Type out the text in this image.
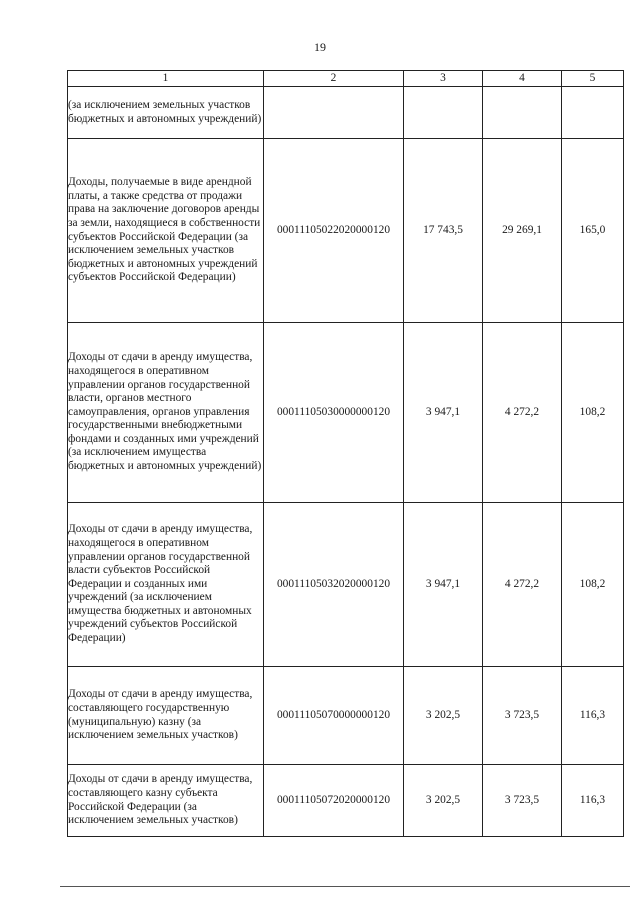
19
1	2	3	4	5
(за исключением земельных участков бюджетных и автономных учреждений)				
Доходы, получаемые в виде арендной платы, а также средства от продажи права на заключение договоров аренды за земли, находящиеся в собственности субъектов Российской Федерации (за исключением земельных участков бюджетных и автономных учреждений субъектов Российской Федерации)	00011105022020000120	17 743,5	29 269,1	165,0
Доходы от сдачи в аренду имущества, находящегося в оперативном управлении органов государственной власти, органов местного самоуправления, органов управления государственными внебюджетными фондами и созданных ими учреждений (за исключением имущества бюджетных и автономных учреждений)	00011105030000000120	3 947,1	4 272,2	108,2
Доходы от сдачи в аренду имущества, находящегося в оперативном управлении органов государственной власти субъектов Российской Федерации и созданных ими учреждений (за исключением имущества бюджетных и автономных учреждений субъектов Российской Федерации)	00011105032020000120	3 947,1	4 272,2	108,2
Доходы от сдачи в аренду имущества, составляющего государственную (муниципальную) казну (за исключением земельных участков)	00011105070000000120	3 202,5	3 723,5	116,3
Доходы от сдачи в аренду имущества, составляющего казну субъекта Российской Федерации (за исключением земельных участков)	00011105072020000120	3 202,5	3 723,5	116,3
